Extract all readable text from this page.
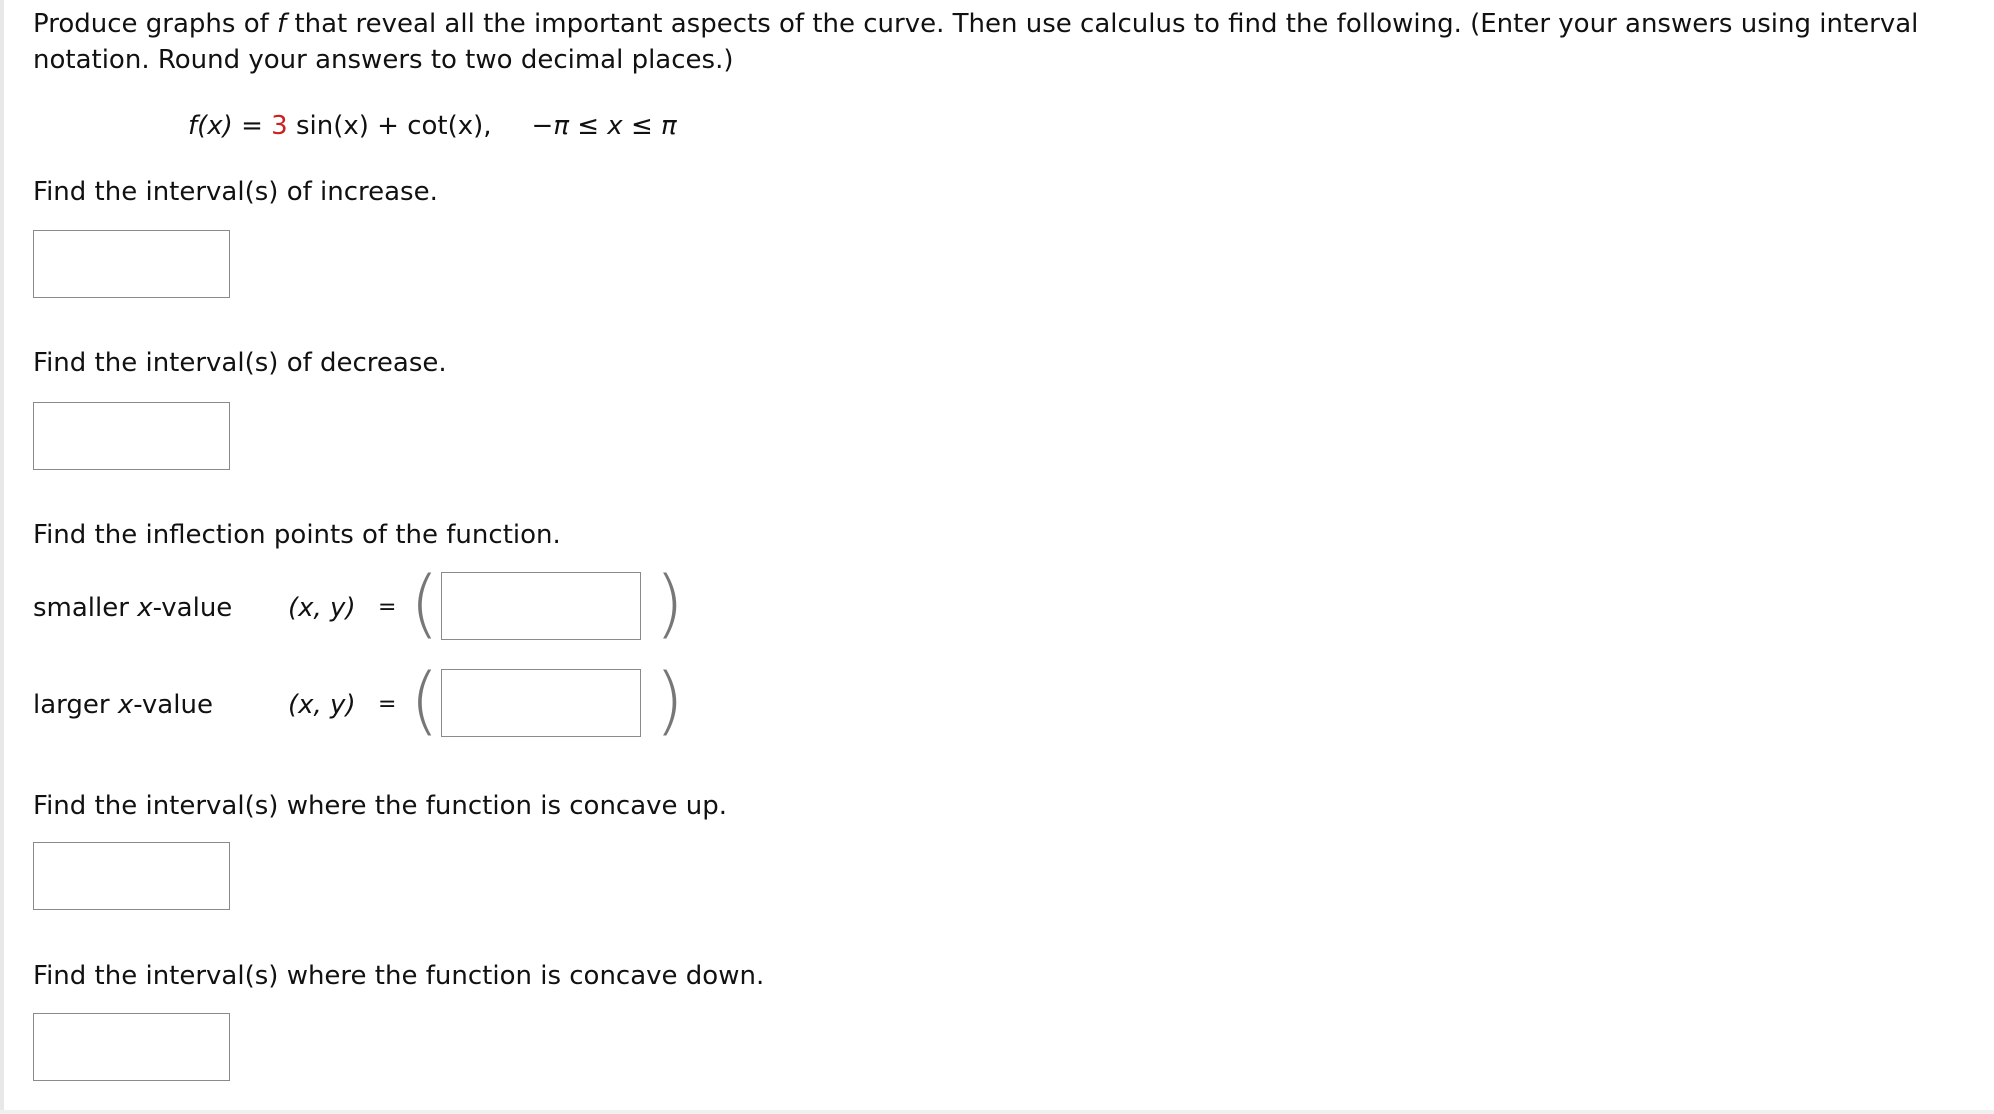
Produce graphs of f that reveal all the important aspects of the curve. Then use calculus to find the following. (Enter your answers using interval notation. Round your answers to two decimal places.)
f(x) = 3 sin(x) + cot(x), −π ≤ x ≤ π
Find the interval(s) of increase.
Find the interval(s) of decrease.
Find the inflection points of the function.
smaller x-value (x, y) = (	)
larger x-value	(x, y) = (	)
Find the interval(s) where the function is concave up.
Find the interval(s) where the function is concave down.
